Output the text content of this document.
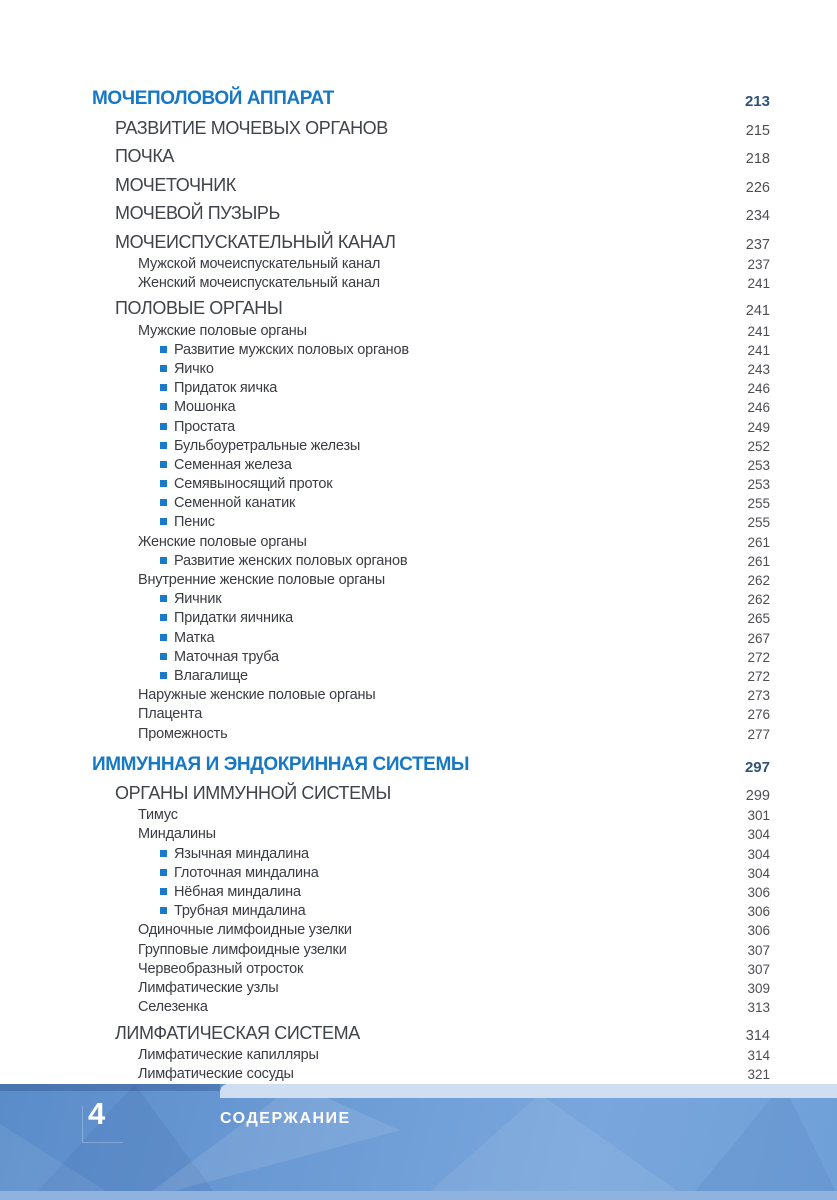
МОЧЕПОЛОВОЙ АППАРАТ	213
РАЗВИТИЕ МОЧЕВЫХ ОРГАНОВ	215
ПОЧКА	218
МОЧЕТОЧНИК	226
МОЧЕВОЙ ПУЗЫРЬ	234
МОЧЕИСПУСКАТЕЛЬНЫЙ КАНАЛ	237
Мужской мочеиспускательный канал	237
Женский мочеиспускательный канал	241
ПОЛОВЫЕ ОРГАНЫ	241
Мужские половые органы	241
Развитие мужских половых органов	241
Яичко	243
Придаток яичка	246
Мошонка	246
Простата	249
Бульбоуретральные железы	252
Семенная железа	253
Семявыносящий проток	253
Семенной канатик	255
Пенис	255
Женские половые органы	261
Развитие женских половых органов	261
Внутренние женские половые органы	262
Яичник	262
Придатки яичника	265
Матка	267
Маточная труба	272
Влагалище	272
Наружные женские половые органы	273
Плацента	276
Промежность	277
ИММУННАЯ И ЭНДОКРИННАЯ СИСТЕМЫ	297
ОРГАНЫ ИММУННОЙ СИСТЕМЫ	299
Тимус	301
Миндалины	304
Язычная миндалина	304
Глоточная миндалина	304
Нёбная миндалина	306
Трубная миндалина	306
Одиночные лимфоидные узелки	306
Групповые лимфоидные узелки	307
Червеобразный отросток	307
Лимфатические узлы	309
Селезенка	313
ЛИМФАТИЧЕСКАЯ СИСТЕМА	314
Лимфатические капилляры	314
Лимфатические сосуды	321
4	СОДЕРЖАНИЕ
